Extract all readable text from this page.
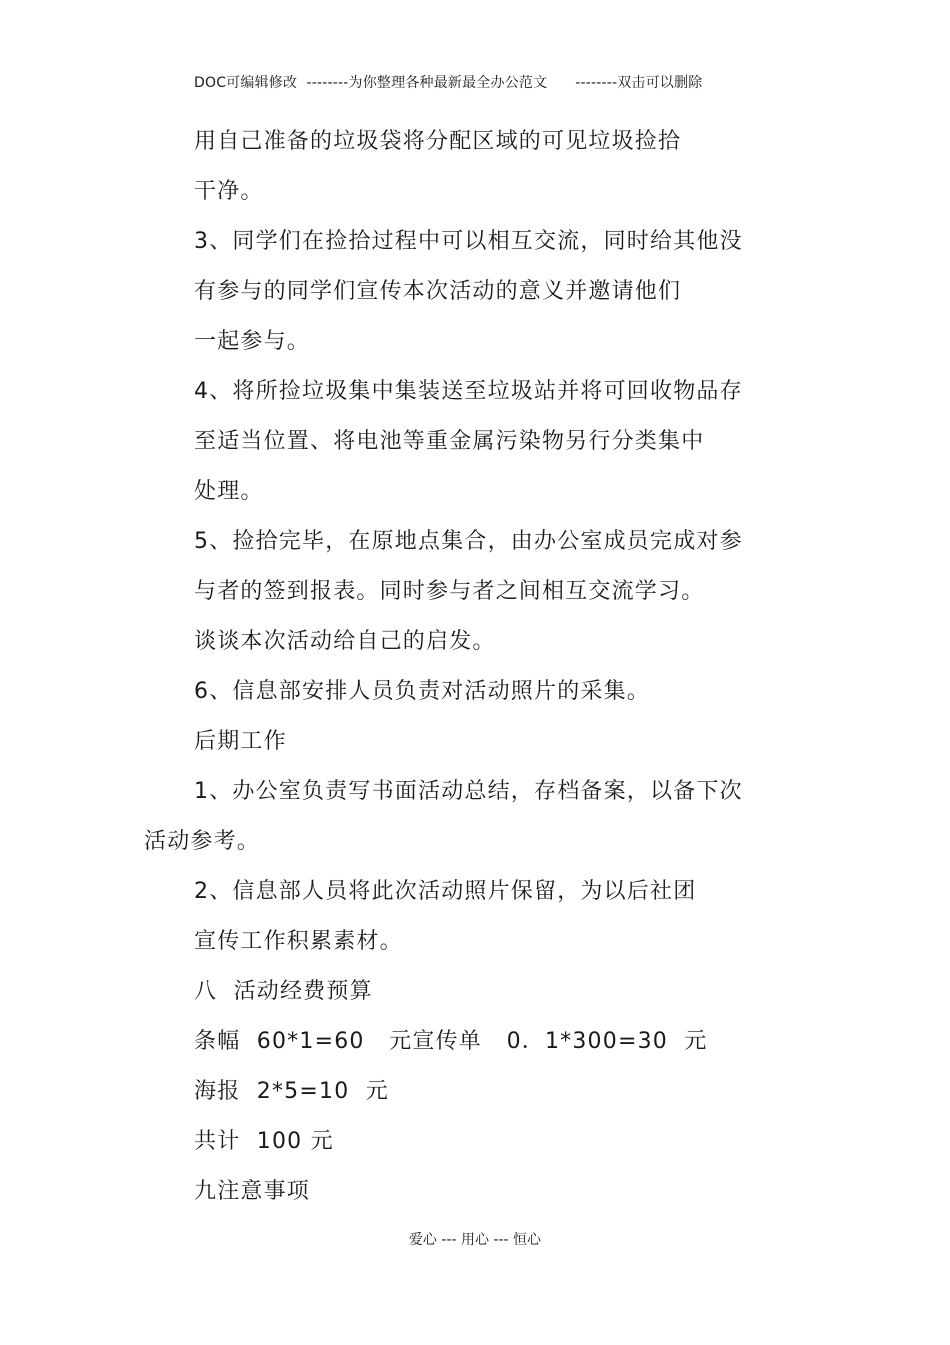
DOC可编辑修改  --------为你整理各种最新最全办公范文      --------双击可以删除
用自己准备的垃圾袋将分配区域的可见垃圾捡拾
干净。
3、同学们在捡拾过程中可以相互交流，同时给其他没
有参与的同学们宣传本次活动的意义并邀请他们
一起参与。
4、将所捡垃圾集中集装送至垃圾站并将可回收物品存
至适当位置、将电池等重金属污染物另行分类集中
处理。
5、捡拾完毕，在原地点集合，由办公室成员完成对参
与者的签到报表。同时参与者之间相互交流学习。
谈谈本次活动给自己的启发。
6、信息部安排人员负责对活动照片的采集。
后期工作
1、办公室负责写书面活动总结，存档备案，以备下次
活动参考。
2、信息部人员将此次活动照片保留，为以后社团
宣传工作积累素材。
八  活动经费预算
条幅  60*1=60   元宣传单   0．1*300=30  元
海报  2*5=10  元
共计  100 元
九注意事项
爱心 --- 用心 --- 恒心
